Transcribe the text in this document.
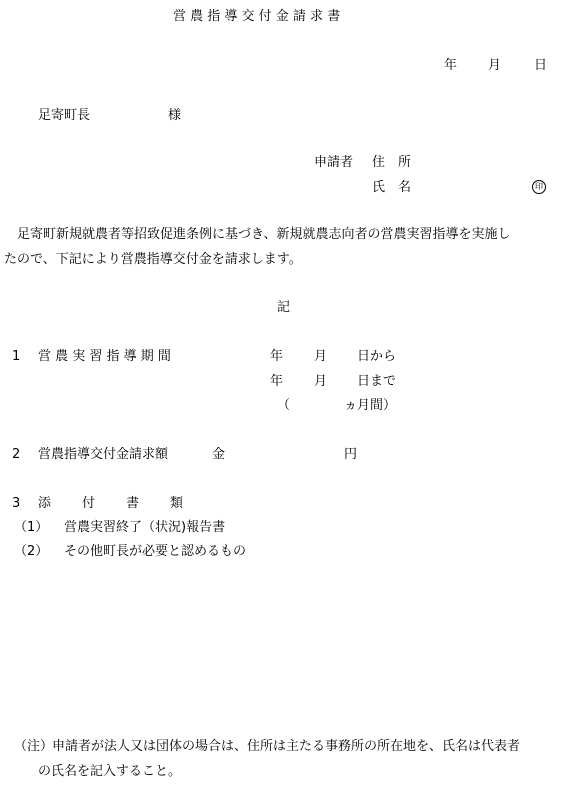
営 農 指 導 交 付 金 請 求 書
年 月	日
足寄町長	様
申請者 住　所
氏　名	印
　足寄町新規就農者等招致促進条例に基づき、新規就農志向者の営農実習指導を実施し
たので、下記により営農指導交付金を請求します。
記
1 営 農 実 習 指 導 期 間	年 月 日から
年 月 日まで
（	ヵ月間）
2 営農指導交付金請求額	金	円
3 添 付 書 類
（1） 営農実習終了（状況)報告書
（2） その他町長が必要と認めるもの
（注）
申請者が法人又は団体の場合は、住所は主たる事務所の所在地を、氏名は代表者
の氏名を記入すること。
